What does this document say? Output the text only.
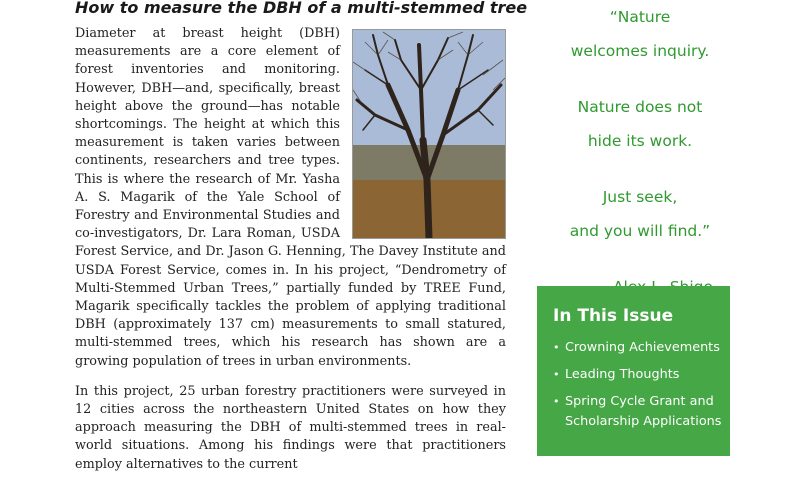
How to measure the DBH of a multi-stemmed tree

Diameter at breast height (DBH) measurements are a core element of forest inventories and monitoring. However, DBH—and, specifically, breast height above the ground—has notable shortcomings. The height at which this measurement is taken varies between continents, researchers and tree types. This is where the research of Mr. Yasha A. S. Magarik of the Yale School of Forestry and Environmental Studies and co-investigators, Dr. Lara Roman, USDA Forest Service, and Dr. Jason G. Henning, The Davey Institute and USDA Forest Service, comes in. In his project, “Dendrometry of Multi-Stemmed Urban Trees,” partially funded by TREE Fund, Magarik specifically tackles the problem of applying traditional DBH (approximately 137 cm) measurements to small statured, multi-stemmed trees, which his research has shown are a growing population of trees in urban environments.

In this project, 25 urban forestry practitioners were surveyed in 12 cities across the northeastern United States on how they approach measuring the DBH of multi-stemmed trees in real-world situations. Among his findings were that practitioners employ alternatives to the current

“Nature
welcomes inquiry.
Nature does not
hide its work.
Just seek,
and you will find.”
In This Issue
• Crowning Achievements
• Leading Thoughts
• Spring Cycle Grant and Scholarship Applications
